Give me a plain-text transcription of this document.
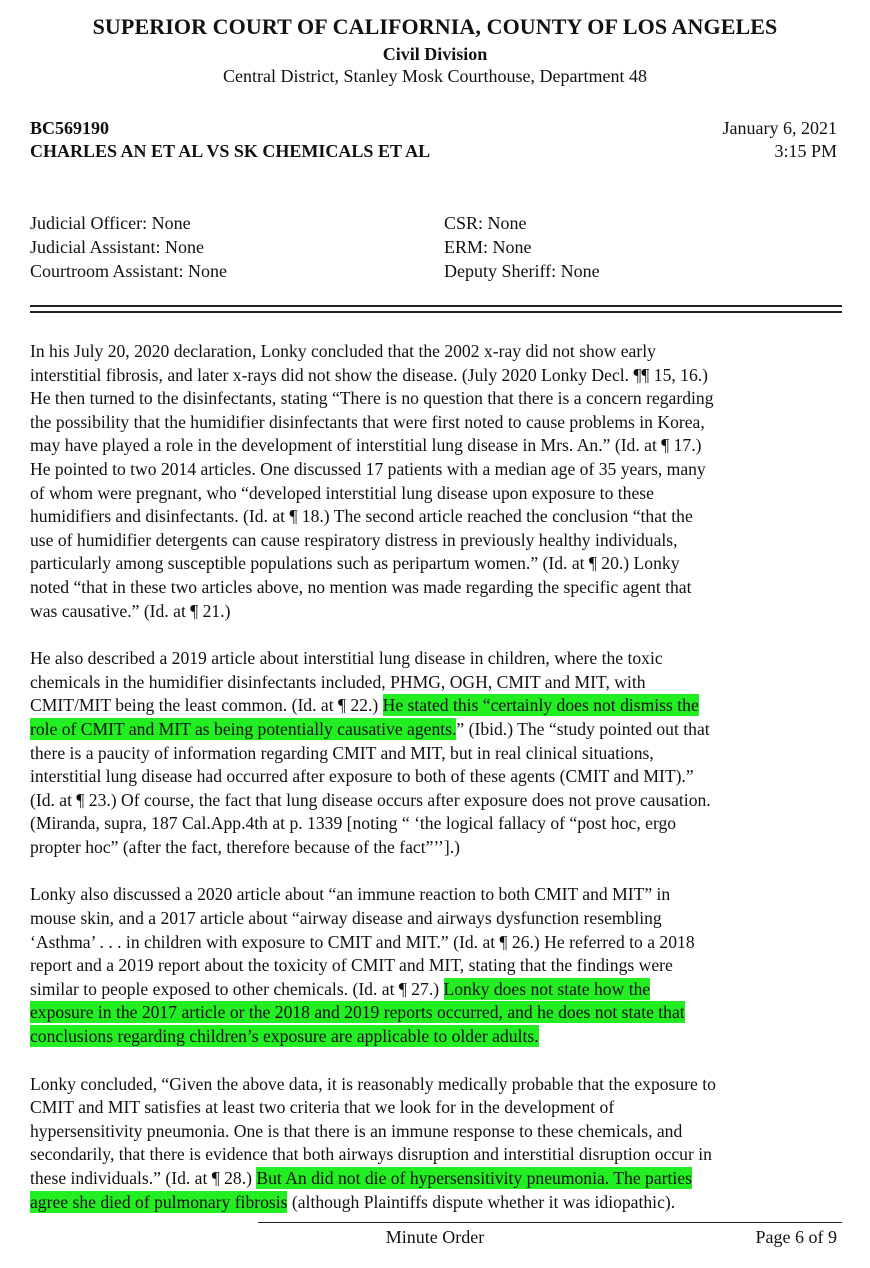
SUPERIOR COURT OF CALIFORNIA, COUNTY OF LOS ANGELES
Civil Division
Central District, Stanley Mosk Courthouse, Department 48
BC569190
CHARLES AN ET AL VS SK CHEMICALS ET AL
January 6, 2021
3:15 PM
Judicial Officer: None
Judicial Assistant: None
Courtroom Assistant: None
CSR: None
ERM: None
Deputy Sheriff: None
In his July 20, 2020 declaration, Lonky concluded that the 2002 x-ray did not show early
interstitial fibrosis, and later x-rays did not show the disease. (July 2020 Lonky Decl. ¶¶ 15, 16.)
He then turned to the disinfectants, stating “There is no question that there is a concern regarding
the possibility that the humidifier disinfectants that were first noted to cause problems in Korea,
may have played a role in the development of interstitial lung disease in Mrs. An.” (Id. at ¶ 17.)
He pointed to two 2014 articles. One discussed 17 patients with a median age of 35 years, many
of whom were pregnant, who “developed interstitial lung disease upon exposure to these
humidifiers and disinfectants. (Id. at ¶ 18.) The second article reached the conclusion “that the
use of humidifier detergents can cause respiratory distress in previously healthy individuals,
particularly among susceptible populations such as peripartum women.” (Id. at ¶ 20.) Lonky
noted “that in these two articles above, no mention was made regarding the specific agent that
was causative.” (Id. at ¶ 21.)
He also described a 2019 article about interstitial lung disease in children, where the toxic
chemicals in the humidifier disinfectants included, PHMG, OGH, CMIT and MIT, with
CMIT/MIT being the least common. (Id. at ¶ 22.) He stated this “certainly does not dismiss the
role of CMIT and MIT as being potentially causative agents.” (Ibid.) The “study pointed out that
there is a paucity of information regarding CMIT and MIT, but in real clinical situations,
interstitial lung disease had occurred after exposure to both of these agents (CMIT and MIT).”
(Id. at ¶ 23.) Of course, the fact that lung disease occurs after exposure does not prove causation.
(Miranda, supra, 187 Cal.App.4th at p. 1339 [noting “ ‘the logical fallacy of “post hoc, ergo
propter hoc” (after the fact, therefore because of the fact”’’].)
Lonky also discussed a 2020 article about “an immune reaction to both CMIT and MIT” in
mouse skin, and a 2017 article about “airway disease and airways dysfunction resembling
‘Asthma’ . . . in children with exposure to CMIT and MIT.” (Id. at ¶ 26.) He referred to a 2018
report and a 2019 report about the toxicity of CMIT and MIT, stating that the findings were
similar to people exposed to other chemicals. (Id. at ¶ 27.) Lonky does not state how the
exposure in the 2017 article or the 2018 and 2019 reports occurred, and he does not state that
conclusions regarding children’s exposure are applicable to older adults.
Lonky concluded, “Given the above data, it is reasonably medically probable that the exposure to
CMIT and MIT satisfies at least two criteria that we look for in the development of
hypersensitivity pneumonia. One is that there is an immune response to these chemicals, and
secondarily, that there is evidence that both airways disruption and interstitial disruption occur in
these individuals.” (Id. at ¶ 28.) But An did not die of hypersensitivity pneumonia. The parties
agree she died of pulmonary fibrosis (although Plaintiffs dispute whether it was idiopathic).
Minute Order	Page 6 of 9
